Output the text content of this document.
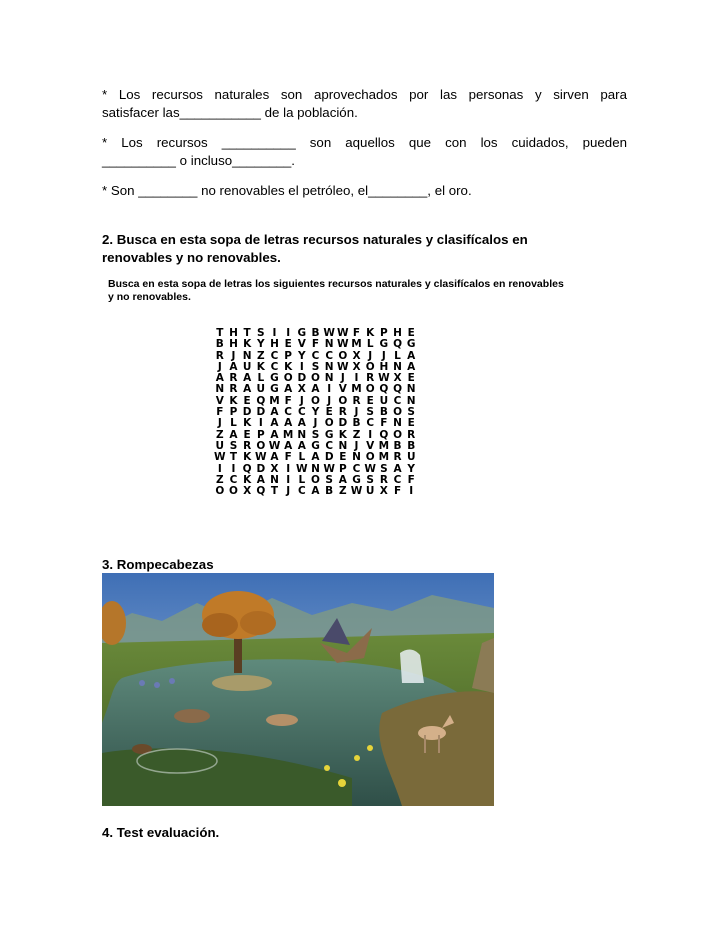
* Los recursos naturales son aprovechados por las personas y sirven para
satisfacer las___________ de la población.
* Los recursos __________ son aquellos que con los cuidados, pueden
__________ o incluso________.
* Son ________ no renovables el petróleo, el________, el oro.
2. Busca en esta sopa de letras recursos naturales y clasifícalos en
renovables y no renovables.
Busca en esta sopa de letras los siguientes recursos naturales y clasifícalos en renovables
y no renovables.
T H T S I I G B W W F K P H E
B H K Y H E V F N W M L G Q G
R J N Z C P Y C C O X J J L A
J A U K C K I S N W X O H N A
A R A L G O D O N J I R W X E
N R A U G A X A I V M O Q Q N
V K E Q M F J O J O R E U C N
F P D D A C C Y E R J S B O S
J L K I A A A J O D B C F N E
Z A E P A M N S G K Z I Q O R
U S R O W A A G C N J V M B B
W T K W A F L A D E N O M R U
I I Q D X I W N W P C W S A Y
Z C K A N I L O S A G S R C F
O O X Q T J C A B Z W U X F I
3. Rompecabezas
4. Test evaluación.
